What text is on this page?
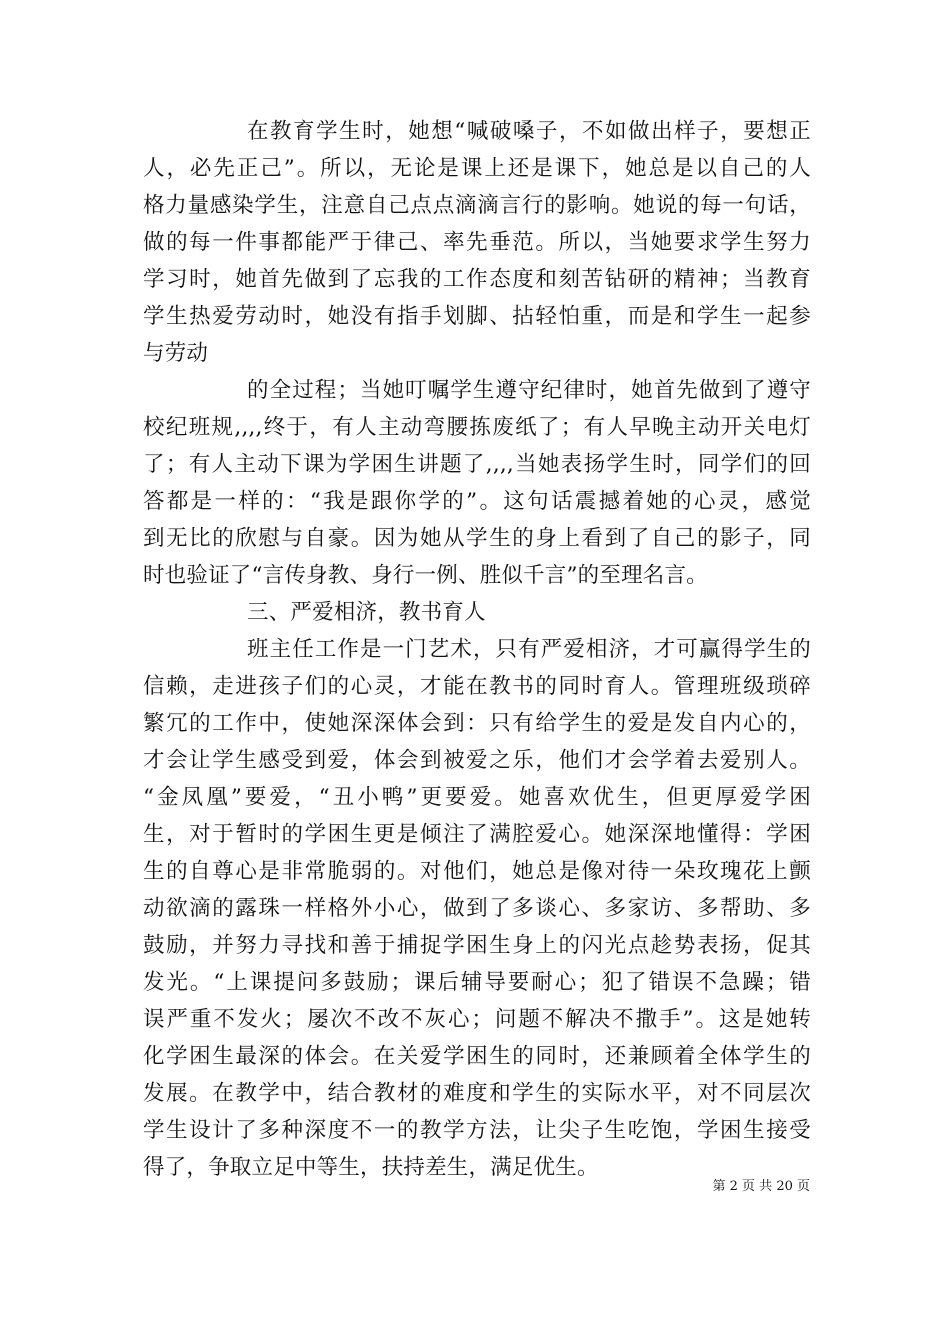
在教育学生时，她想“喊破嗓子，不如做出样子，要想正
人，必先正己”。所以，无论是课上还是课下，她总是以自己的人
格力量感染学生，注意自己点点滴滴言行的影响。她说的每一句话，
做的每一件事都能严于律己、率先垂范。所以，当她要求学生努力
学习时，她首先做到了忘我的工作态度和刻苦钻研的精神；当教育
学生热爱劳动时，她没有指手划脚、拈轻怕重，而是和学生一起参
与劳动
的全过程；当她叮嘱学生遵守纪律时，她首先做到了遵守
校纪班规,,,,终于，有人主动弯腰拣废纸了；有人早晚主动开关电灯
了；有人主动下课为学困生讲题了,,,,当她表扬学生时，同学们的回
答都是一样的：“我是跟你学的”。这句话震撼着她的心灵，感觉
到无比的欣慰与自豪。因为她从学生的身上看到了自己的影子，同
时也验证了“言传身教、身行一例、胜似千言”的至理名言。
三、严爱相济，教书育人
班主任工作是一门艺术，只有严爱相济，才可赢得学生的
信赖，走进孩子们的心灵，才能在教书的同时育人。管理班级琐碎
繁冗的工作中，使她深深体会到：只有给学生的爱是发自内心的，
才会让学生感受到爱，体会到被爱之乐，他们才会学着去爱别人。
“金凤凰”要爱，“丑小鸭”更要爱。她喜欢优生，但更厚爱学困
生，对于暂时的学困生更是倾注了满腔爱心。她深深地懂得：学困
生的自尊心是非常脆弱的。对他们，她总是像对待一朵玫瑰花上颤
动欲滴的露珠一样格外小心，做到了多谈心、多家访、多帮助、多
鼓励，并努力寻找和善于捕捉学困生身上的闪光点趁势表扬，促其
发光。“上课提问多鼓励；课后辅导要耐心；犯了错误不急躁；错
误严重不发火；屡次不改不灰心；问题不解决不撒手”。这是她转
化学困生最深的体会。在关爱学困生的同时，还兼顾着全体学生的
发展。在教学中，结合教材的难度和学生的实际水平，对不同层次
学生设计了多种深度不一的教学方法，让尖子生吃饱，学困生接受
得了，争取立足中等生，扶持差生，满足优生。
第 2 页 共 20 页
